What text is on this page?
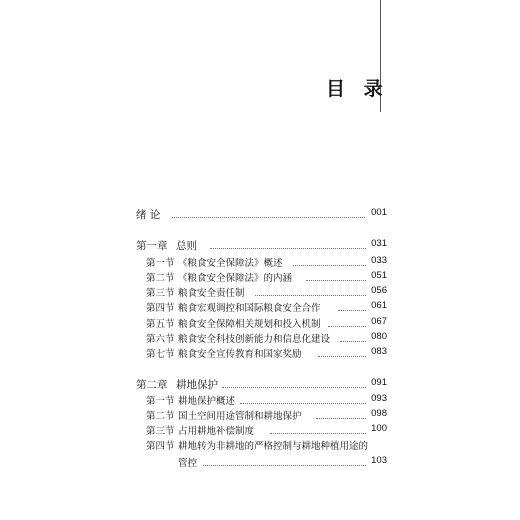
目 录
绪 论	001
第一章 总则	031
第一节 《粮食安全保障法》概述	033
第二节 《粮食安全保障法》的内涵	051
第三节 粮食安全责任制	056
第四节 粮食宏观调控和国际粮食安全合作	061
第五节 粮食安全保障相关规划和投入机制	067
第六节 粮食安全科技创新能力和信息化建设	080
第七节 粮食安全宣传教育和国家奖励	083
第二章 耕地保护	091
第一节 耕地保护概述	093
第二节 国土空间用途管制和耕地保护	098
第三节 占用耕地补偿制度	100
第四节 耕地转为非耕地的严格控制与耕地种植用途的
管控	103
